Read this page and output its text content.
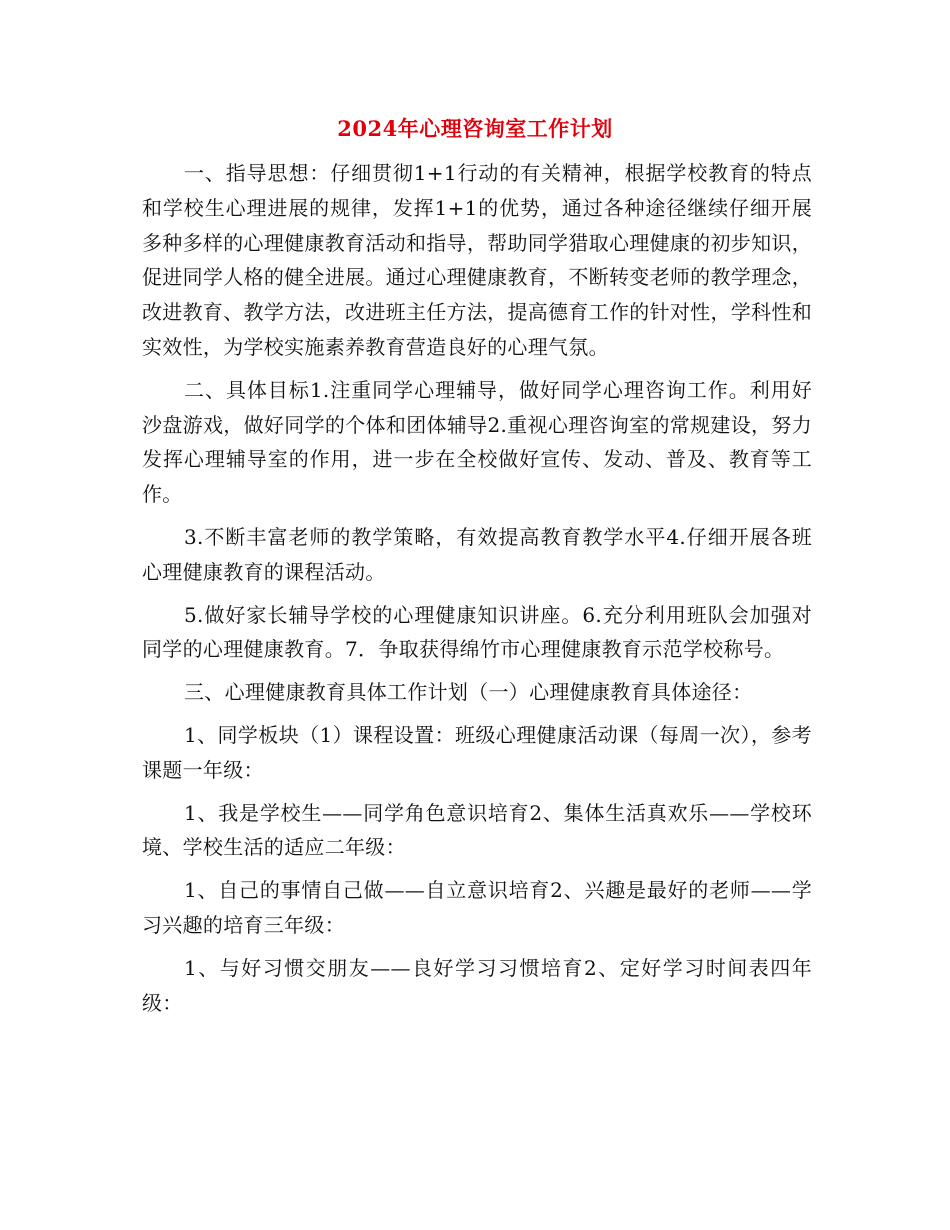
2024年心理咨询室工作计划

一、指导思想：仔细贯彻1+1行动的有关精神，根据学校教育的特点和学校生心理进展的规律，发挥1+1的优势，通过各种途径继续仔细开展多种多样的心理健康教育活动和指导，帮助同学猎取心理健康的初步知识，促进同学人格的健全进展。通过心理健康教育，不断转变老师的教学理念，改进教育、教学方法，改进班主任方法，提高德育工作的针对性，学科性和实效性，为学校实施素养教育营造良好的心理气氛。

二、具体目标1.注重同学心理辅导，做好同学心理咨询工作。利用好沙盘游戏，做好同学的个体和团体辅导2.重视心理咨询室的常规建设，努力发挥心理辅导室的作用，进一步在全校做好宣传、发动、普及、教育等工作。

3.不断丰富老师的教学策略，有效提高教育教学水平4.仔细开展各班心理健康教育的课程活动。

5.做好家长辅导学校的心理健康知识讲座。6.充分利用班队会加强对同学的心理健康教育。7．争取获得绵竹市心理健康教育示范学校称号。

三、心理健康教育具体工作计划（一）心理健康教育具体途径：

1、同学板块（1）课程设置：班级心理健康活动课（每周一次），参考课题一年级：

1、我是学校生——同学角色意识培育2、集体生活真欢乐——学校环境、学校生活的适应二年级：

1、自己的事情自己做——自立意识培育2、兴趣是最好的老师——学习兴趣的培育三年级：

1、与好习惯交朋友——良好学习习惯培育2、定好学习时间表四年级：
